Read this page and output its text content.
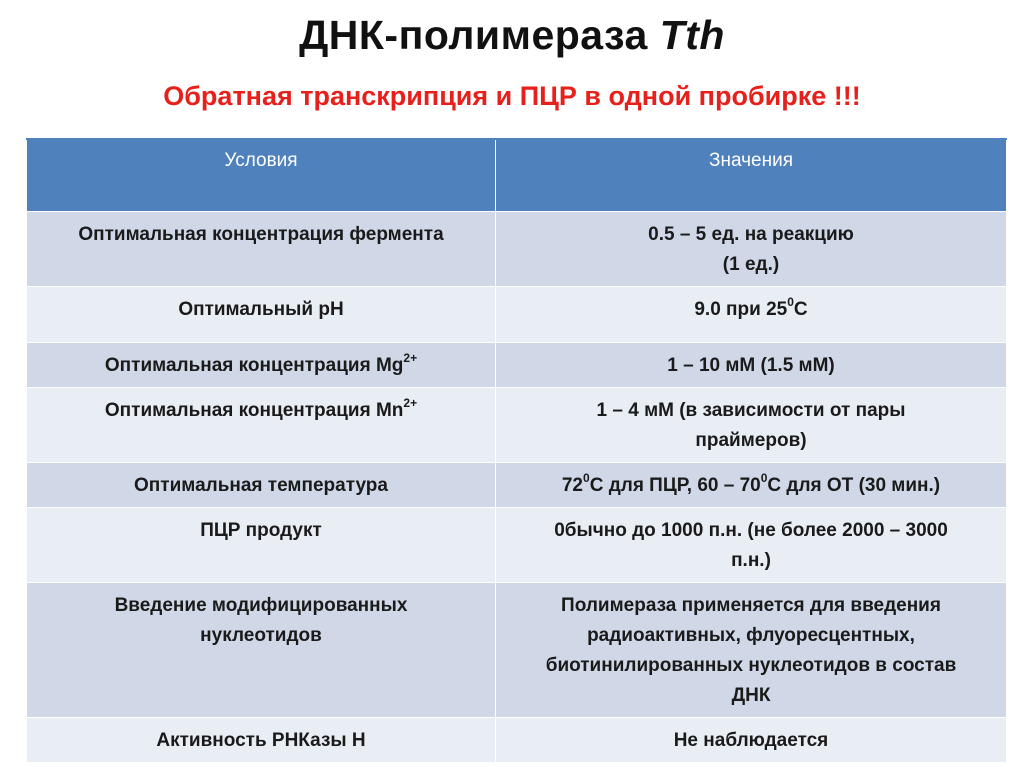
ДНК-полимераза Tth
Обратная транскрипция и ПЦР в одной пробирке !!!
Условия	Значения
Оптимальная концентрация фермента	0.5 – 5 ед. на реакцию
(1 ед.)
Оптимальный pH	9.0 при $25^0С$
Оптимальная концентрация $Mg^{2+}$	1 – 10 мМ (1.5 мМ)
Оптимальная концентрация $Mn^{2+}$	1 – 4 мМ (в зависимости от пары
праймеров)
Оптимальная температура	$72^0С$ для ПЦР, $60 - 70^0С$ для ОТ (30 мин.)
ПЦР продукт	0бычно до 1000 п.н. (не более 2000 – 3000
п.н.)
Введение модифицированных
нуклеотидов	Полимераза применяется для введения
радиоактивных, флуоресцентных,
биотинилированных нуклеотидов в состав
ДНК
Активность РНКазы Н	Не наблюдается
